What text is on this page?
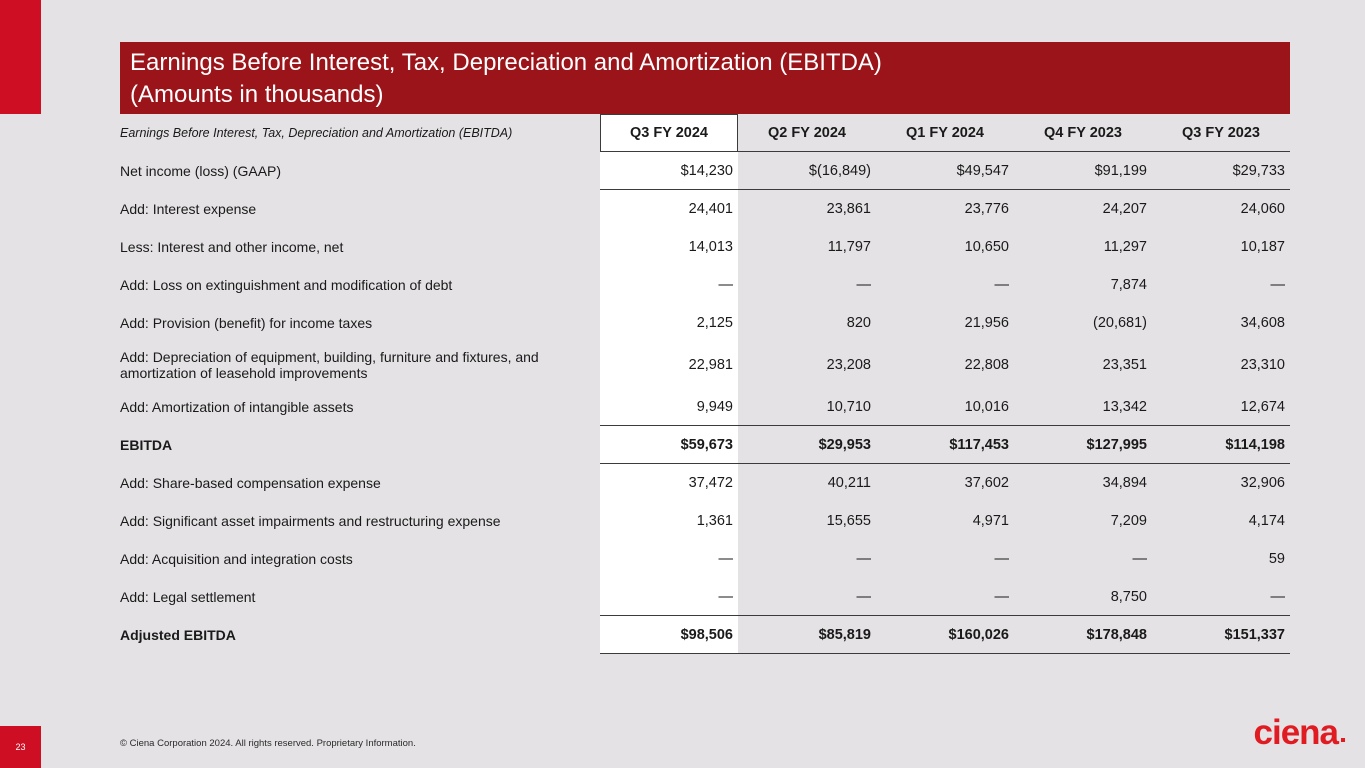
Earnings Before Interest, Tax, Depreciation and Amortization (EBITDA)
(Amounts in thousands)
Earnings Before Interest, Tax, Depreciation and Amortization (EBITDA)	Q3 FY 2024	Q2 FY 2024	Q1 FY 2024	Q4 FY 2023	Q3 FY 2023
Net income (loss) (GAAP)	$14,230	$(16,849)	$49,547	$91,199	$29,733
Add: Interest expense	24,401	23,861	23,776	24,207	24,060
Less: Interest and other income, net	14,013	11,797	10,650	11,297	10,187
Add: Loss on extinguishment and modification of debt	—	—	—	7,874	—
Add: Provision (benefit) for income taxes	2,125	820	21,956	(20,681)	34,608
Add: Depreciation of equipment, building, furniture and fixtures, and amortization of leasehold improvements	22,981	23,208	22,808	23,351	23,310
Add: Amortization of intangible assets	9,949	10,710	10,016	13,342	12,674
EBITDA	$59,673	$29,953	$117,453	$127,995	$114,198
Add: Share-based compensation expense	37,472	40,211	37,602	34,894	32,906
Add: Significant asset impairments and restructuring expense	1,361	15,655	4,971	7,209	4,174
Add: Acquisition and integration costs	—	—	—	—	59
Add: Legal settlement	—	—	—	8,750	—
Adjusted EBITDA	$98,506	$85,819	$160,026	$178,848	$151,337
© Ciena Corporation 2024. All rights reserved. Proprietary Information.
23	ciena
